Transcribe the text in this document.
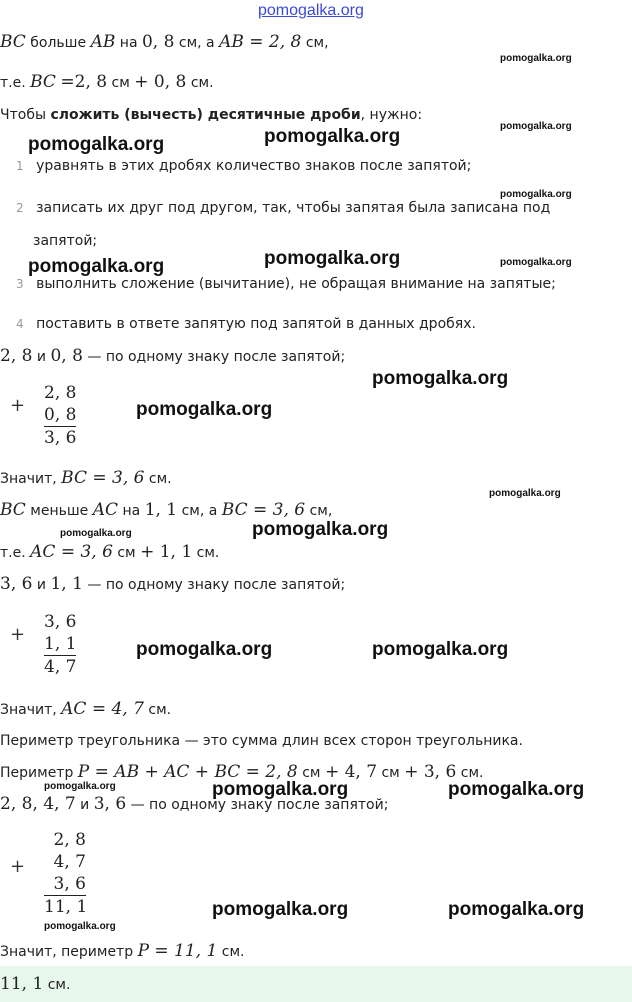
pomogalka.org
BC больше AB на 0, 8 см, а AB = 2, 8 см,
pomogalka.org
т.е. BC =2, 8 см + 0, 8 см.
Чтобы сложить (вычесть) десятичные дроби, нужно:
pomogalka.org
pomogalka.org	pomogalka.org
1 уравнять в этих дробях количество знаков после запятой;
pomogalka.org
2 записать их друг под другом, так, чтобы запятая была записана под
запятой;
pomogalka.org
pomogalka.org	pomogalka.org
3 выполнить сложение (вычитание), не обращая внимание на запятые;
4 поставить в ответе запятую под запятой в данных дробях.
2, 8 и 0, 8 — по одному знаку после запятой;
pomogalka.org
+
2, 8
0, 8
3, 6
pomogalka.org
Значит, BC = 3, 6 см.
pomogalka.org
BC меньше AC на 1, 1 см, а BC = 3, 6 см,
pomogalka.org	pomogalka.org
т.е. AC = 3, 6 см + 1, 1 см.
3, 6 и 1, 1 — по одному знаку после запятой;
+
3, 6
1, 1
4, 7
pomogalka.org	pomogalka.org
Значит, AC = 4, 7 см.
Периметр треугольника — это сумма длин всех сторон треугольника.
Периметр P = AB + AC + BC = 2, 8 см + 4, 7 см + 3, 6 см.
pomogalka.org	pomogalka.org	pomogalka.org
2, 8, 4, 7 и 3, 6 — по одному знаку после запятой;
+
2, 8
4, 7
3, 6
11, 1
pomogalka.org
pomogalka.org	pomogalka.org
Значит, периметр P = 11, 1 см.
11, 1 см.
